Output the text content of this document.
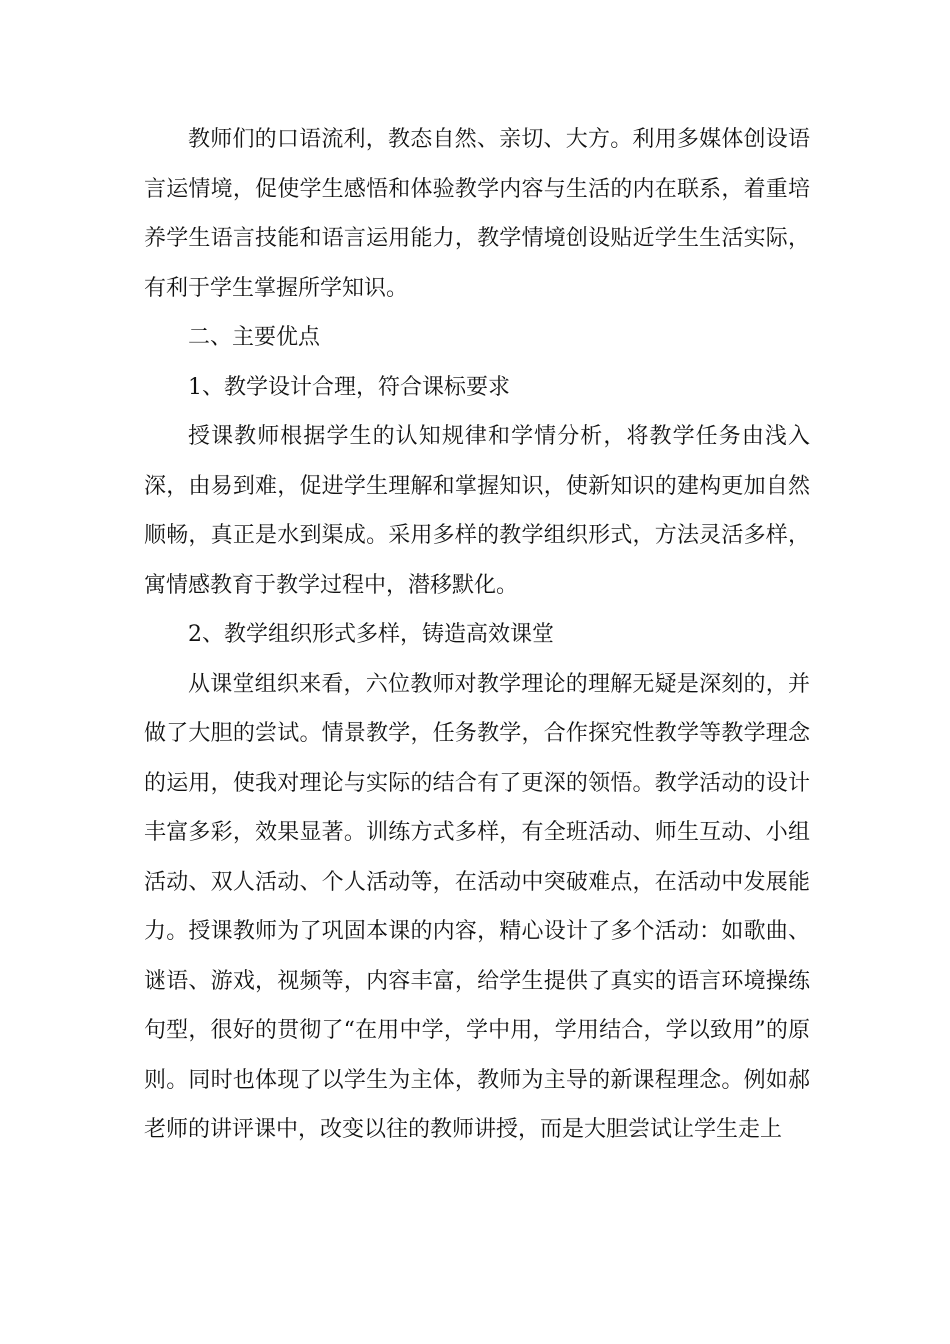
教师们的口语流利，教态自然、亲切、大方。利用多媒体创设语言运情境，促使学生感悟和体验教学内容与生活的内在联系，着重培养学生语言技能和语言运用能力，教学情境创设贴近学生生活实际，有利于学生掌握所学知识。

二、主要优点

1、教学设计合理，符合课标要求

授课教师根据学生的认知规律和学情分析，将教学任务由浅入深，由易到难，促进学生理解和掌握知识，使新知识的建构更加自然顺畅，真正是水到渠成。采用多样的教学组织形式，方法灵活多样，寓情感教育于教学过程中，潜移默化。

2、教学组织形式多样，铸造高效课堂

从课堂组织来看，六位教师对教学理论的理解无疑是深刻的，并做了大胆的尝试。情景教学，任务教学，合作探究性教学等教学理念的运用，使我对理论与实际的结合有了更深的领悟。教学活动的设计丰富多彩，效果显著。训练方式多样，有全班活动、师生互动、小组活动、双人活动、个人活动等，在活动中突破难点，在活动中发展能力。授课教师为了巩固本课的内容，精心设计了多个活动：如歌曲、谜语、游戏，视频等，内容丰富，给学生提供了真实的语言环境操练句型，很好的贯彻了“在用中学，学中用，学用结合，学以致用”的原则。同时也体现了以学生为主体，教师为主导的新课程理念。例如郝老师的讲评课中，改变以往的教师讲授，而是大胆尝试让学生走上
